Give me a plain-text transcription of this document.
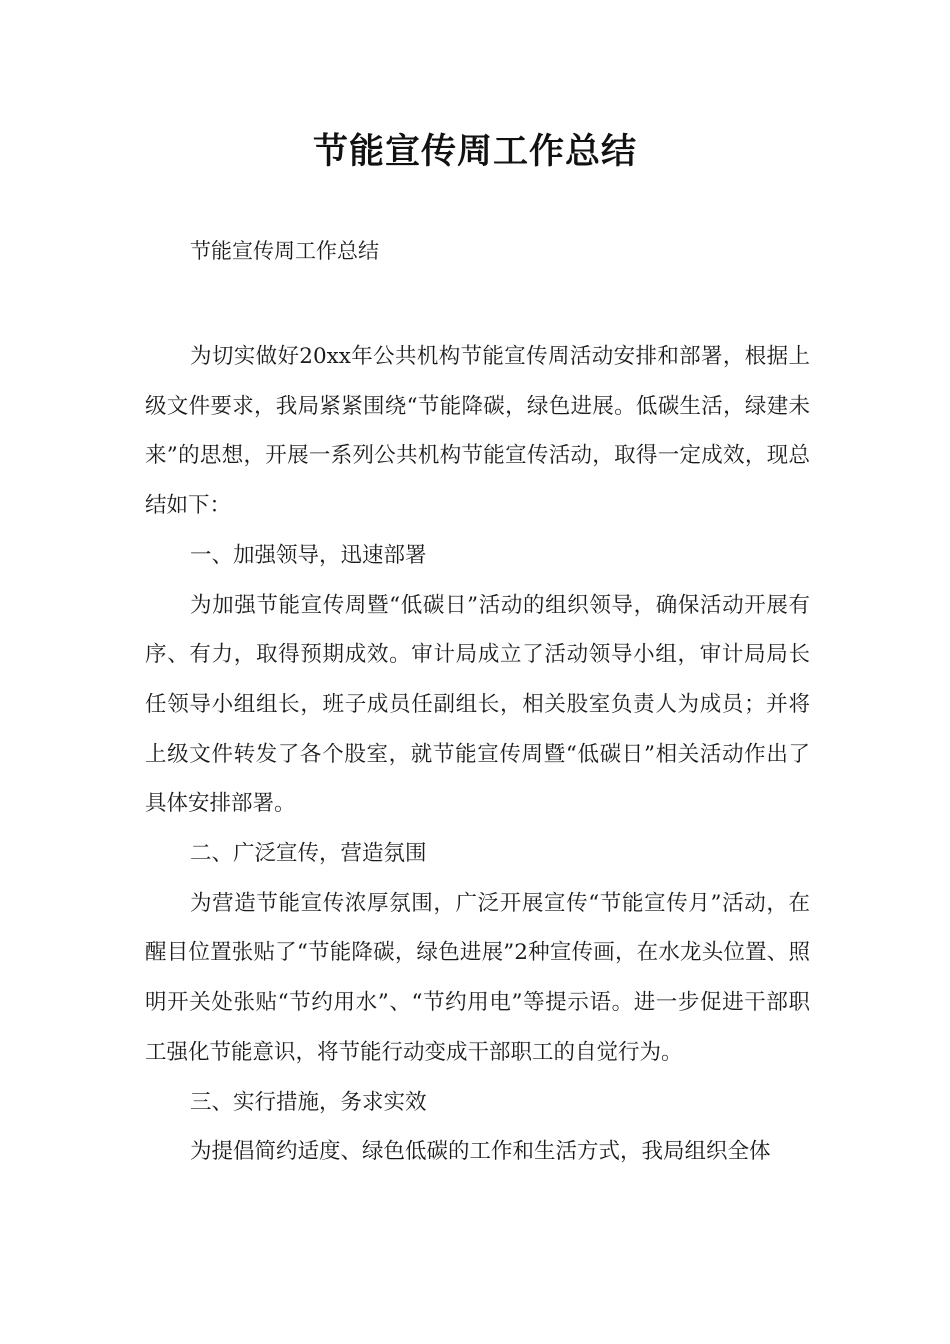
节能宣传周工作总结
节能宣传周工作总结

为切实做好20xx年公共机构节能宣传周活动安排和部署，根据上级文件要求，我局紧紧围绕“节能降碳，绿色进展。低碳生活，绿建未来”的思想，开展一系列公共机构节能宣传活动，取得一定成效，现总结如下：

一、加强领导，迅速部署

为加强节能宣传周暨“低碳日”活动的组织领导，确保活动开展有序、有力，取得预期成效。审计局成立了活动领导小组，审计局局长任领导小组组长，班子成员任副组长，相关股室负责人为成员；并将上级文件转发了各个股室，就节能宣传周暨“低碳日”相关活动作出了具体安排部署。

二、广泛宣传，营造氛围

为营造节能宣传浓厚氛围，广泛开展宣传“节能宣传月”活动，在醒目位置张贴了“节能降碳，绿色进展”2种宣传画，在水龙头位置、照明开关处张贴“节约用水”、“节约用电”等提示语。进一步促进干部职工强化节能意识，将节能行动变成干部职工的自觉行为。

三、实行措施，务求实效

为提倡简约适度、绿色低碳的工作和生活方式，我局组织全体
